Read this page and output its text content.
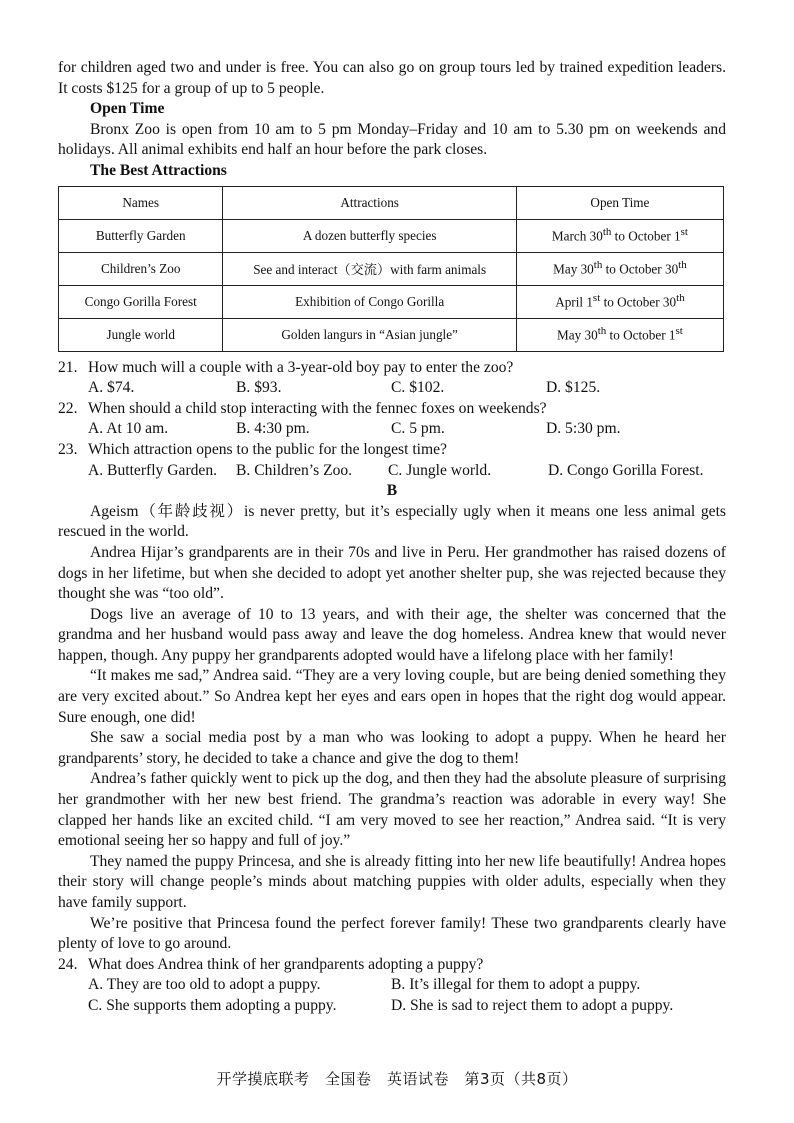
for children aged two and under is free. You can also go on group tours led by trained expedition leaders. It costs $125 for a group of up to 5 people.

Open Time

Bronx Zoo is open from 10 am to 5 pm Monday–Friday and 10 am to 5.30 pm on weekends and holidays. All animal exhibits end half an hour before the park closes.

The Best Attractions
Names	Attractions	Open Time
Butterfly Garden	A dozen butterfly species	March 30th to October 1st
Children’s Zoo	See and interact（交流）with farm animals	May 30th to October 30th
Congo Gorilla Forest	Exhibition of Congo Gorilla	April 1st to October 30th
Jungle world	Golden langurs in “Asian jungle”	May 30th to October 1st
21. How much will a couple with a 3-year-old boy pay to enter the zoo?
A. $74.	B. $93.	C. $102.	D. $125.
22. When should a child stop interacting with the fennec foxes on weekends?
A. At 10 am.	B. 4:30 pm.	C. 5 pm.	D. 5:30 pm.
23. Which attraction opens to the public for the longest time?
A. Butterfly Garden.	B. Children’s Zoo.	C. Jungle world.	D. Congo Gorilla Forest.
B

Ageism（年龄歧视）is never pretty, but it’s especially ugly when it means one less animal gets rescued in the world.

Andrea Hijar’s grandparents are in their 70s and live in Peru. Her grandmother has raised dozens of dogs in her lifetime, but when she decided to adopt yet another shelter pup, she was rejected because they thought she was “too old”.

Dogs live an average of 10 to 13 years, and with their age, the shelter was concerned that the grandma and her husband would pass away and leave the dog homeless. Andrea knew that would never happen, though. Any puppy her grandparents adopted would have a lifelong place with her family!

“It makes me sad,” Andrea said. “They are a very loving couple, but are being denied something they are very excited about.” So Andrea kept her eyes and ears open in hopes that the right dog would appear. Sure enough, one did!

She saw a social media post by a man who was looking to adopt a puppy. When he heard her grandparents’ story, he decided to take a chance and give the dog to them!

Andrea’s father quickly went to pick up the dog, and then they had the absolute pleasure of surprising her grandmother with her new best friend. The grandma’s reaction was adorable in every way! She clapped her hands like an excited child. “I am very moved to see her reaction,” Andrea said. “It is very emotional seeing her so happy and full of joy.”

They named the puppy Princesa, and she is already fitting into her new life beautifully! Andrea hopes their story will change people’s minds about matching puppies with older adults, especially when they have family support.

We’re positive that Princesa found the perfect forever family! These two grandparents clearly have plenty of love to go around.

24. What does Andrea think of her grandparents adopting a puppy?
A. They are too old to adopt a puppy.	B. It’s illegal for them to adopt a puppy.
C. She supports them adopting a puppy.	D. She is sad to reject them to adopt a puppy.
开学摸底联考　全国卷　英语试卷　第3页（共8页）
